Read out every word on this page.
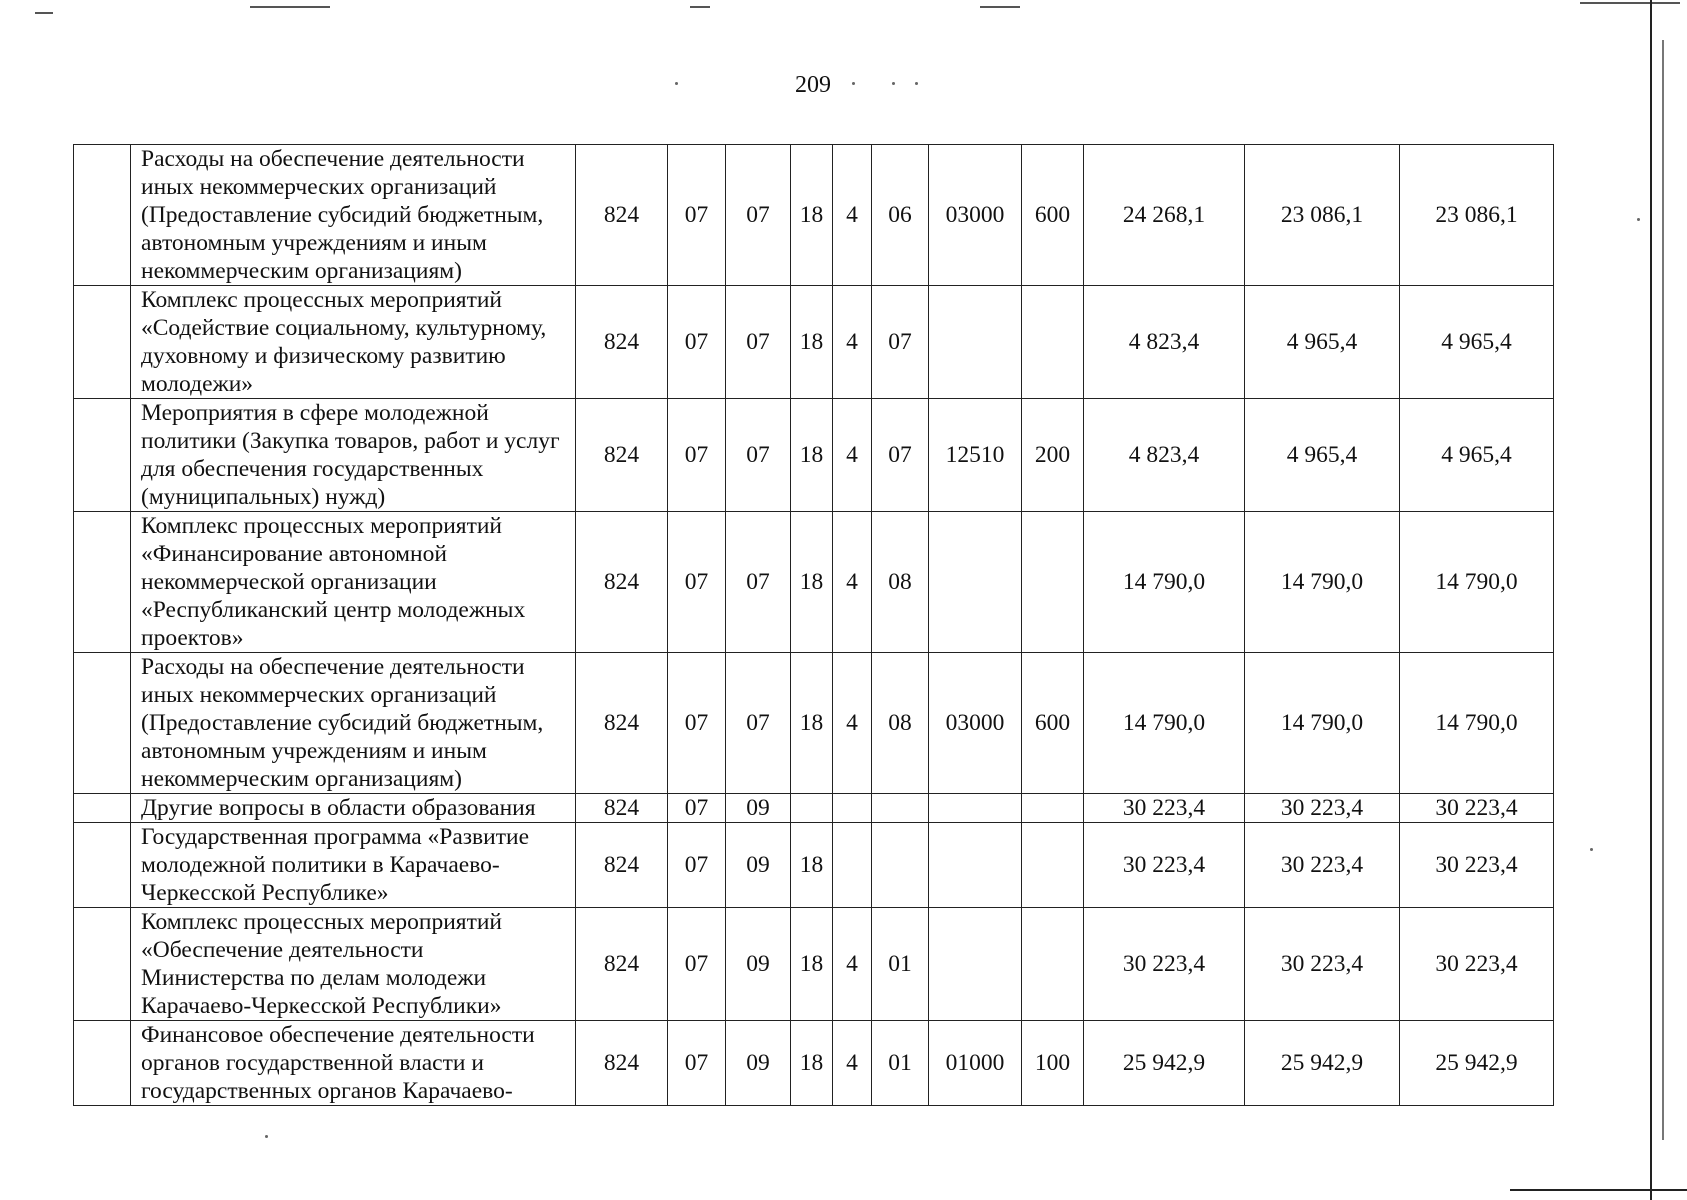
209
	Расходы на обеспечение деятельности иных некоммерческих организаций (Предоставление субсидий бюджетным, автономным учреждениям и иным некоммерческим организациям)	824	07	07	18	4	06	03000	600	24 268,1	23 086,1	23 086,1
	Комплекс процессных мероприятий «Содействие социальному, культурному, духовному и физическому развитию молодежи»	824	07	07	18	4	07			4 823,4	4 965,4	4 965,4
	Мероприятия в сфере молодежной политики (Закупка товаров, работ и услуг для обеспечения государственных (муниципальных) нужд)	824	07	07	18	4	07	12510	200	4 823,4	4 965,4	4 965,4
	Комплекс процессных мероприятий «Финансирование автономной некоммерческой организации «Республиканский центр молодежных проектов»	824	07	07	18	4	08			14 790,0	14 790,0	14 790,0
	Расходы на обеспечение деятельности иных некоммерческих организаций (Предоставление субсидий бюджетным, автономным учреждениям и иным некоммерческим организациям)	824	07	07	18	4	08	03000	600	14 790,0	14 790,0	14 790,0
	Другие вопросы в области образования	824	07	09						30 223,4	30 223,4	30 223,4
	Государственная программа «Развитие молодежной политики в Карачаево-Черкесской Республике»	824	07	09	18					30 223,4	30 223,4	30 223,4
	Комплекс процессных мероприятий «Обеспечение деятельности Министерства по делам молодежи Карачаево-Черкесской Республики»	824	07	09	18	4	01			30 223,4	30 223,4	30 223,4
	Финансовое обеспечение деятельности органов государственной власти и государственных органов Карачаево-	824	07	09	18	4	01	01000	100	25 942,9	25 942,9	25 942,9
